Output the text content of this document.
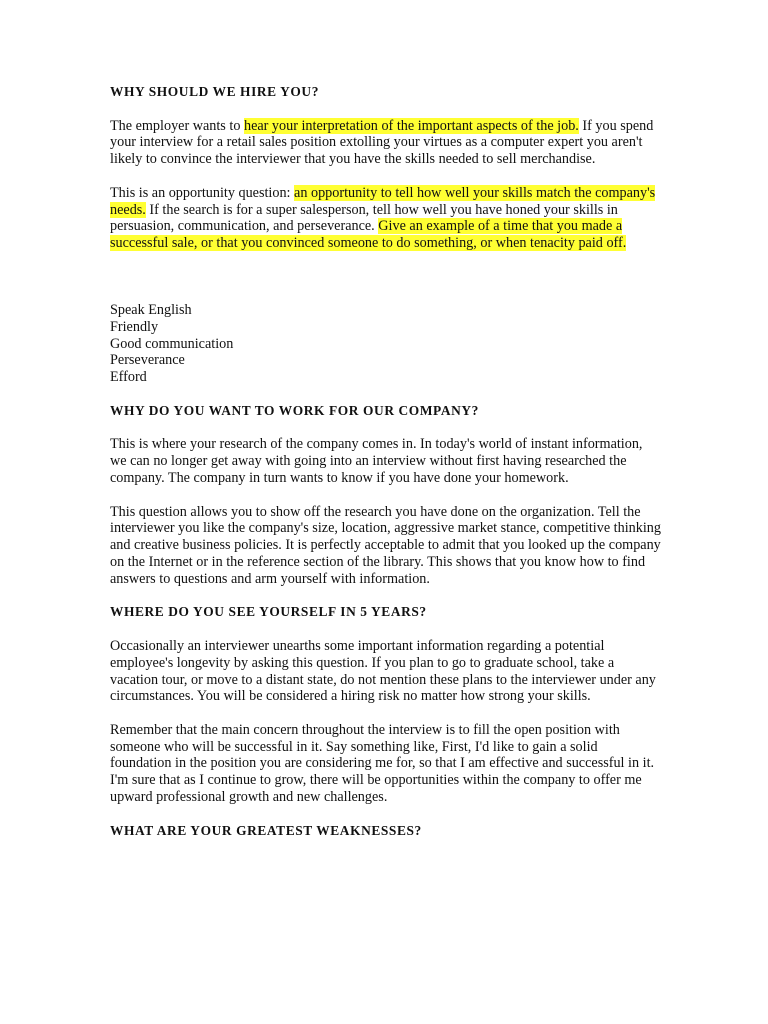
WHY SHOULD WE HIRE YOU?

The employer wants to hear your interpretation of the important aspects of the job. If you spend your interview for a retail sales position extolling your virtues as a computer expert you aren't likely to convince the interviewer that you have the skills needed to sell merchandise.

This is an opportunity question: an opportunity to tell how well your skills match the company's needs. If the search is for a super salesperson, tell how well you have honed your skills in persuasion, communication, and perseverance. Give an example of a time that you made a successful sale, or that you convinced someone to do something, or when tenacity paid off.

Speak English
Friendly
Good communication
Perseverance
Efford
WHY DO YOU WANT TO WORK FOR OUR COMPANY?

This is where your research of the company comes in. In today's world of instant information, we can no longer get away with going into an interview without first having researched the company. The company in turn wants to know if you have done your homework.

This question allows you to show off the research you have done on the organization. Tell the interviewer you like the company's size, location, aggressive market stance, competitive thinking and creative business policies. It is perfectly acceptable to admit that you looked up the company on the Internet or in the reference section of the library. This shows that you know how to find answers to questions and arm yourself with information.

WHERE DO YOU SEE YOURSELF IN 5 YEARS?

Occasionally an interviewer unearths some important information regarding a potential employee's longevity by asking this question. If you plan to go to graduate school, take a vacation tour, or move to a distant state, do not mention these plans to the interviewer under any circumstances. You will be considered a hiring risk no matter how strong your skills.

Remember that the main concern throughout the interview is to fill the open position with someone who will be successful in it. Say something like, First, I'd like to gain a solid foundation in the position you are considering me for, so that I am effective and successful in it. I'm sure that as I continue to grow, there will be opportunities within the company to offer me upward professional growth and new challenges.

WHAT ARE YOUR GREATEST WEAKNESSES?
